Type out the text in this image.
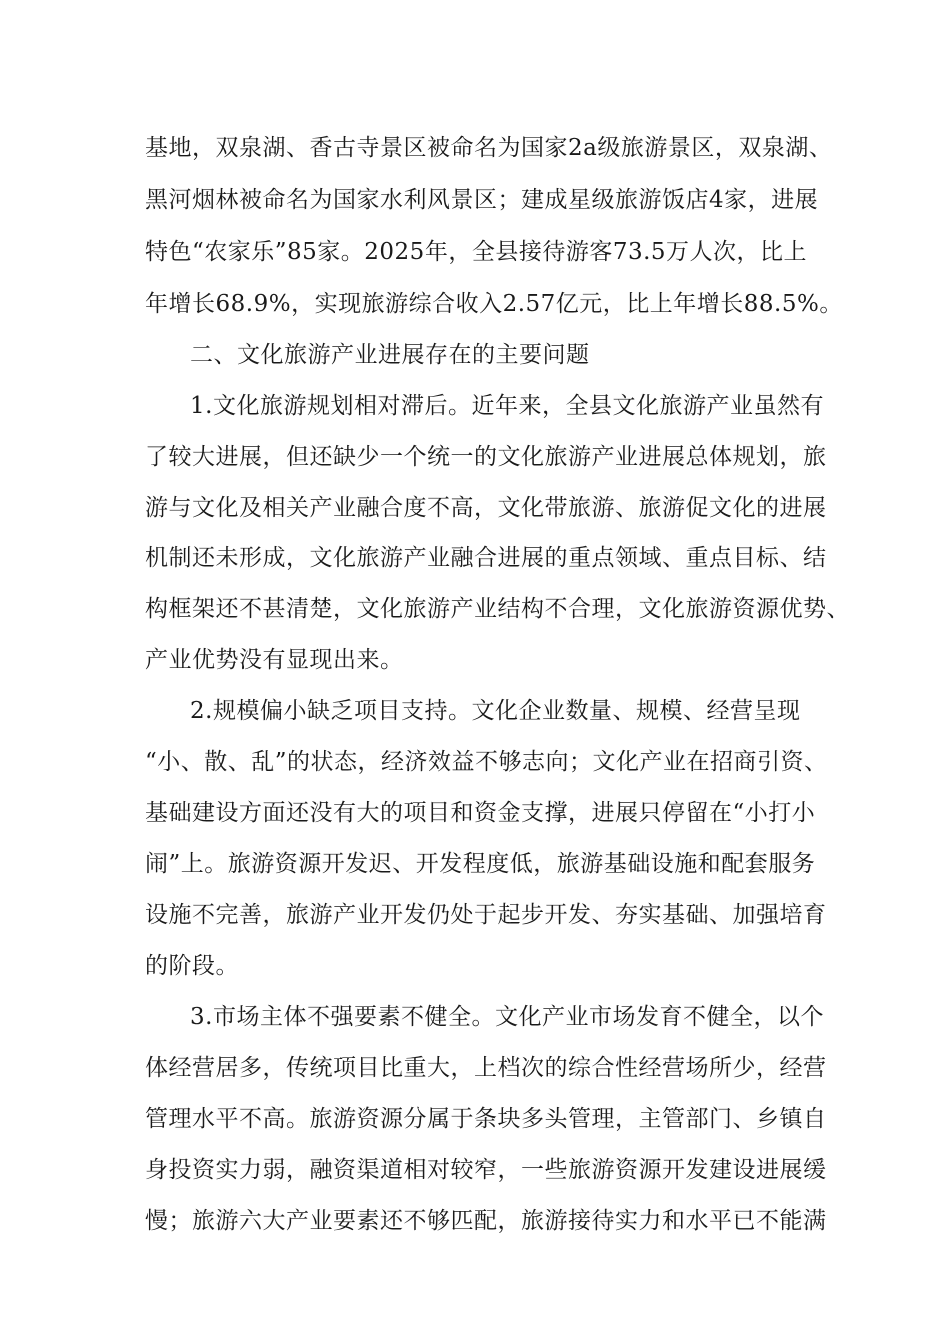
基地，双泉湖、香古寺景区被命名为国家2a级旅游景区，双泉湖、
黑河烟林被命名为国家水利风景区；建成星级旅游饭店4家，进展
特色“农家乐”85家。2025年，全县接待游客73.5万人次，比上
年增长68.9%，实现旅游综合收入2.57亿元，比上年增长88.5%。
二、文化旅游产业进展存在的主要问题
1.文化旅游规划相对滞后。近年来，全县文化旅游产业虽然有
了较大进展，但还缺少一个统一的文化旅游产业进展总体规划，旅
游与文化及相关产业融合度不高，文化带旅游、旅游促文化的进展
机制还未形成，文化旅游产业融合进展的重点领域、重点目标、结
构框架还不甚清楚，文化旅游产业结构不合理，文化旅游资源优势、
产业优势没有显现出来。
2.规模偏小缺乏项目支持。文化企业数量、规模、经营呈现
“小、散、乱”的状态，经济效益不够志向；文化产业在招商引资、
基础建设方面还没有大的项目和资金支撑，进展只停留在“小打小
闹”上。旅游资源开发迟、开发程度低，旅游基础设施和配套服务
设施不完善，旅游产业开发仍处于起步开发、夯实基础、加强培育
的阶段。
3.市场主体不强要素不健全。文化产业市场发育不健全，以个
体经营居多，传统项目比重大，上档次的综合性经营场所少，经营
管理水平不高。旅游资源分属于条块多头管理，主管部门、乡镇自
身投资实力弱，融资渠道相对较窄，一些旅游资源开发建设进展缓
慢；旅游六大产业要素还不够匹配，旅游接待实力和水平已不能满
